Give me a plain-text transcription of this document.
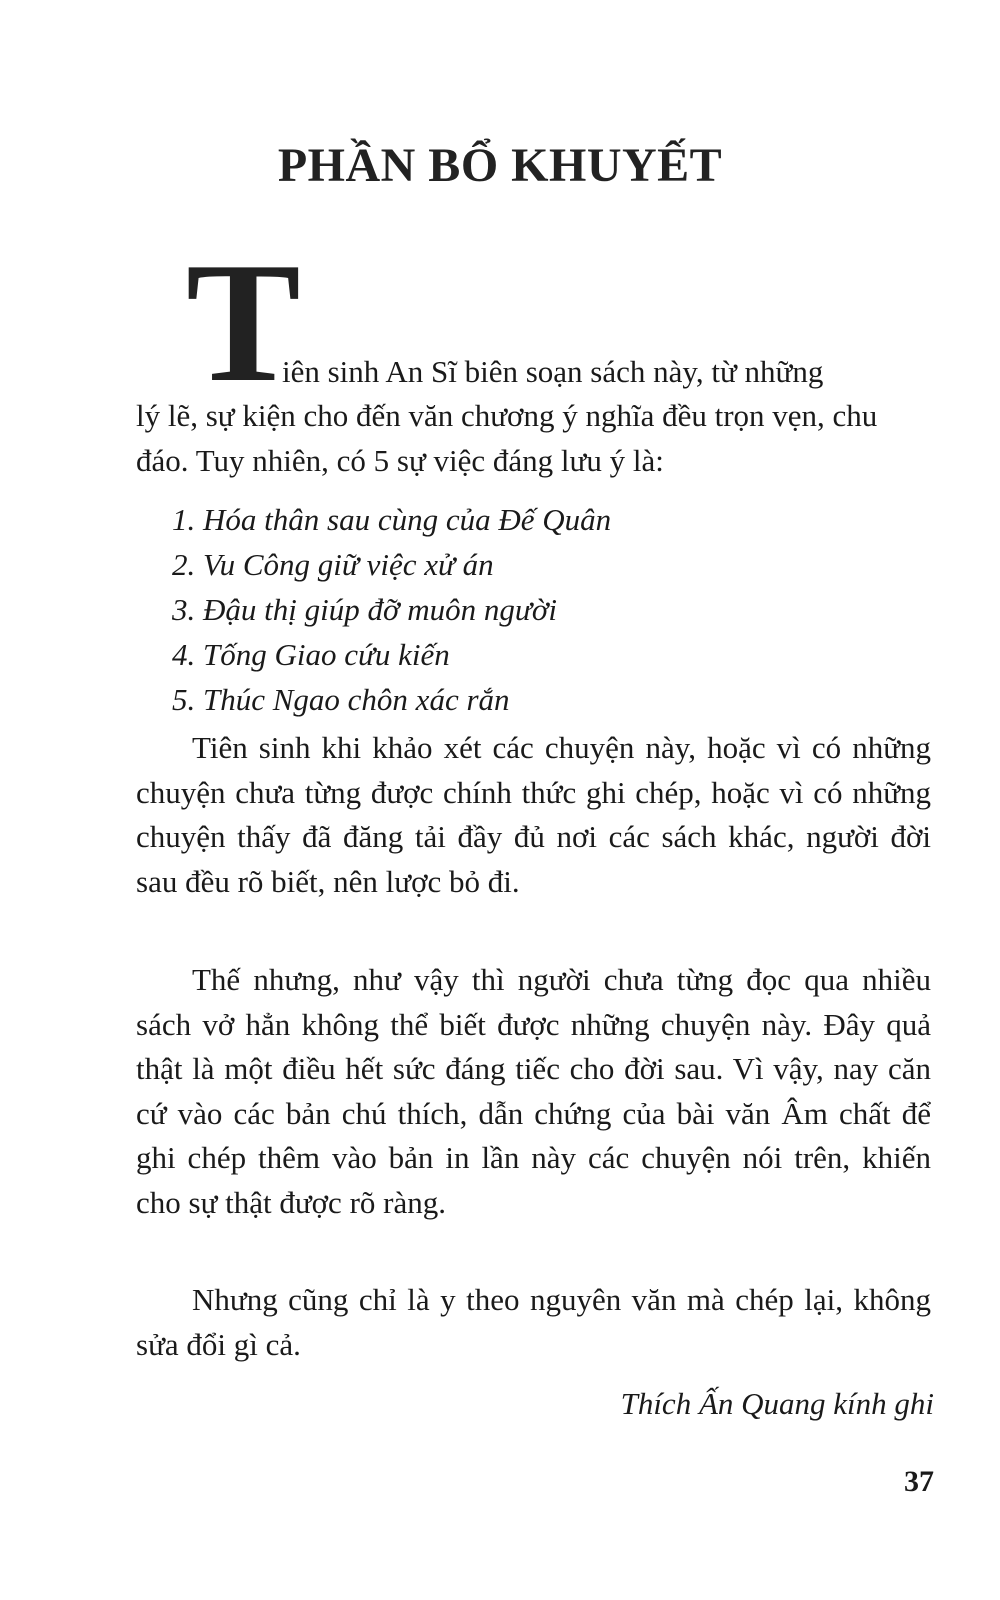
PHẦN BỔ KHUYẾT
T

iên sinh An Sĩ biên soạn sách này, từ những

lý lẽ, sự kiện cho đến văn chương ý nghĩa đều trọn vẹn, chu đáo. Tuy nhiên, có 5 sự việc đáng lưu ý là:

1. Hóa thân sau cùng của Đế Quân
2. Vu Công giữ việc xử án
3. Đậu thị giúp đỡ muôn người
4. Tống Giao cứu kiến
5. Thúc Ngao chôn xác rắn

Tiên sinh khi khảo xét các chuyện này, hoặc vì có những chuyện chưa từng được chính thức ghi chép, hoặc vì có những chuyện thấy đã đăng tải đầy đủ nơi các sách khác, người đời sau đều rõ biết, nên lược bỏ đi.

Thế nhưng, như vậy thì người chưa từng đọc qua nhiều sách vở hẳn không thể biết được những chuyện này. Đây quả thật là một điều hết sức đáng tiếc cho đời sau. Vì vậy, nay căn cứ vào các bản chú thích, dẫn chứng của bài văn Âm chất để ghi chép thêm vào bản in lần này các chuyện nói trên, khiến cho sự thật được rõ ràng.

Nhưng cũng chỉ là y theo nguyên văn mà chép lại, không sửa đổi gì cả.

Thích Ấn Quang kính ghi

37
